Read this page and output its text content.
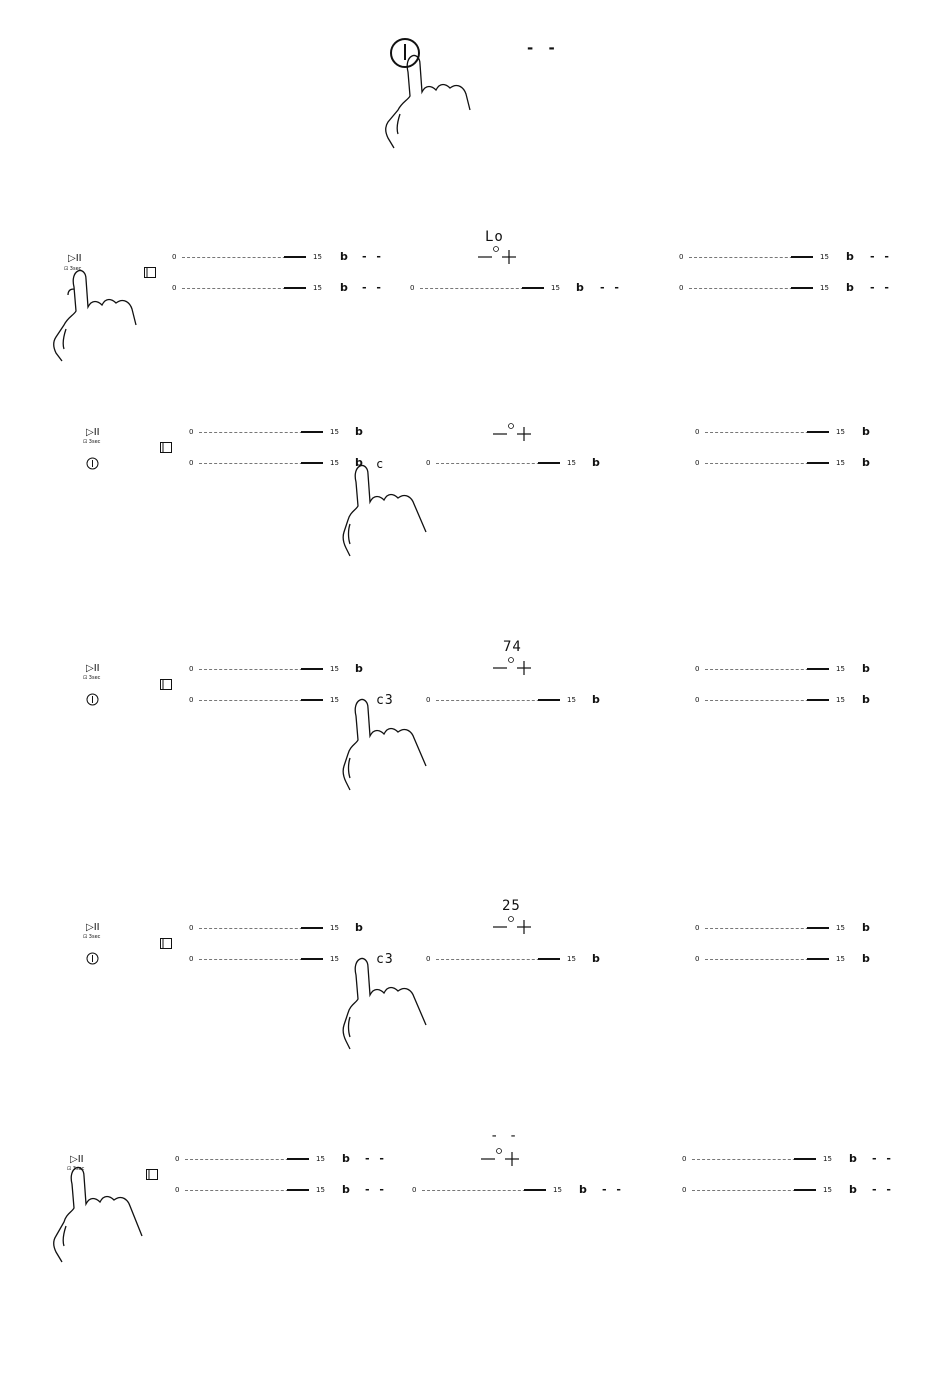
- -
▷II
⊡ 3sec
0	15 b - -
0	15 b - -
Lo
0	15 b - -
0	15 b - -
0	15 b - -
▷II
⊡ 3sec
0	15 b
0	15 b c	0	15 b
0	15 b
0	15 b
▷II
⊡ 3sec
0	15 b
0	15	c3
74
0	15 b
0	15 b
0	15 b
▷II
⊡ 3sec
0	15 b
0	15	c3
25
0	15 b
0	15 b
0	15 b
▷II
⊡ 3sec
0	15 b - -
0	15 b - -
- -
0	15 b - -
0	15 b - -
0	15 b - -
